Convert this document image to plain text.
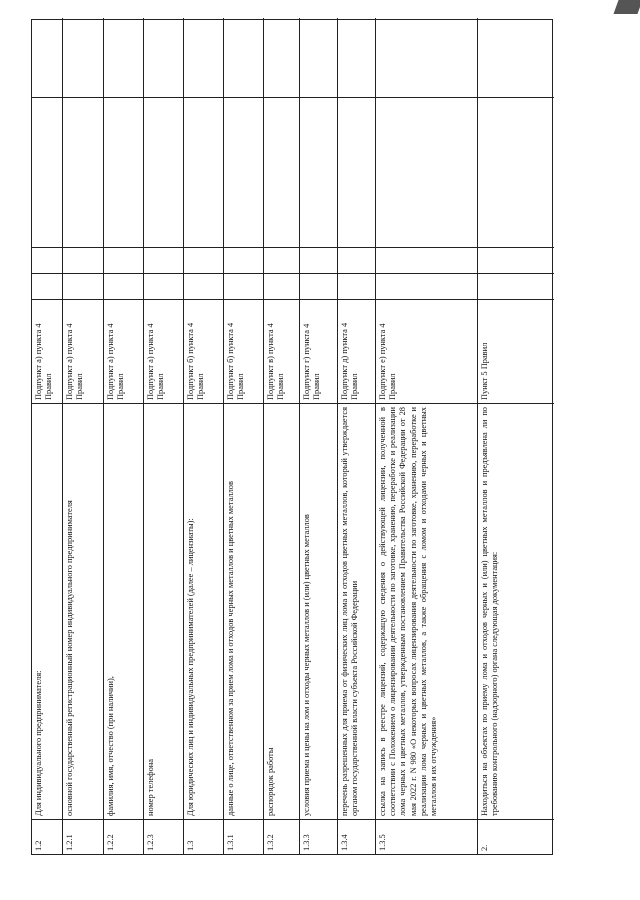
1.2
Для индивидуального предпринимателя:
Подпункт а) пункта 4 Правил
1.2.1
основной государственный регистрационный номер индивидуального предпринимателя
Подпункт а) пункта 4 Правил
1.2.2
фамилия, имя, отчество (при наличии),
Подпункт а) пункта 4 Правил
1.2.3
номер телефона
Подпункт а) пункта 4 Правил
1.3
Для юридических лиц и индивидуальных предпринимателей (далее – лицензиаты):
Подпункт б) пункта 4 Правил
1.3.1
данные о лице, ответственном за прием лома и отходов черных металлов и цветных металлов
Подпункт б) пункта 4 Правил
1.3.2
распорядок работы
Подпункт в) пункта 4 Правил
1.3.3
условия приема и цены на лом и отходы черных металлов и (или) цветных металлов
Подпункт г) пункта 4 Правил
1.3.4
перечень разрешенных для приема от физических лиц лома и отходов цветных металлов, который утверждается органом государственной власти субъекта Российской Федерации
Подпункт д) пункта 4 Правил
1.3.5
ссылка на запись в реестре лицензий, содержащую сведения о действующей лицензии, полученной в соответствии с Положением о лицензировании деятельности по заготовке, хранению, переработке и реализации лома черных и цветных металлов, утвержденным постановлением Правительства Российской Федерации от 28 мая 2022 г. N 980 «О некоторых вопросах лицензирования деятельности по заготовке, хранению, переработке и реализации лома черных и цветных металлов, а также обращения с ломом и отходами черных и цветных металлов и их отчуждения»
Подпункт е) пункта 4 Правил
2.
Находиться на объектах по приему лома и отходов черных и (или) цветных металлов и предъявлена ли по требованию контрольного (надзорного) органа следующая документация:
Пункт 5 Правил
